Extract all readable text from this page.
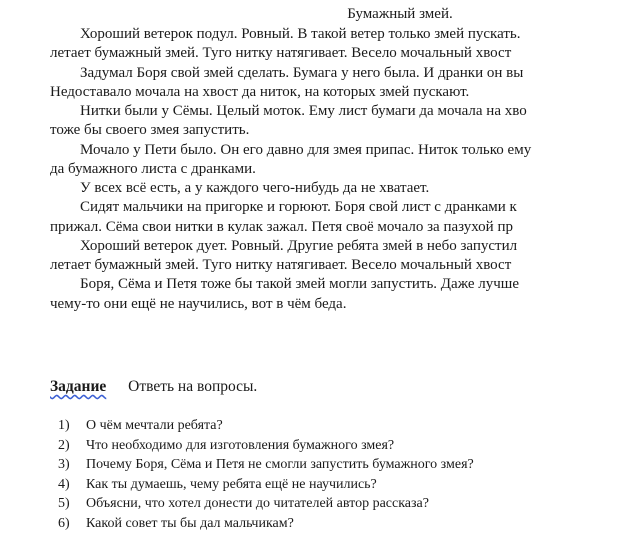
Бумажный змей.
Хороший ветерок подул. Ровный. В такой ветер только змей пускать.
летает бумажный змей. Туго нитку натягивает. Весело мочальный хвост
Задумал Боря свой змей сделать. Бумага у него была. И дранки он вы
Недоставало мочала на хвост да ниток, на которых змей пускают.
Нитки были у Сёмы. Целый моток. Ему лист бумаги да мочала на хво
тоже бы своего змея запустить.
Мочало у Пети было. Он его давно для змея припас. Ниток только ему
да бумажного листа с дранками.
У всех всё есть, а у каждого чего-нибудь да не хватает.
Сидят мальчики на пригорке и горюют. Боря свой лист с дранками к
прижал. Сёма свои нитки в кулак зажал. Петя своё мочало за пазухой пр
Хороший ветерок дует. Ровный. Другие ребята змей в небо запустил
летает бумажный змей. Туго нитку натягивает. Весело мочальный хвост
Боря, Сёма и Петя тоже бы такой змей могли запустить. Даже лучше
чему-то они ещё не научились, вот в чём беда.
Задание Ответь на вопросы.
1) О чём мечтали ребята?
2) Что необходимо для изготовления бумажного змея?
3) Почему Боря, Сёма и Петя не смогли запустить бумажного змея?
4) Как ты думаешь, чему ребята ещё не научились?
5) Объясни, что хотел донести до читателей автор рассказа?
6) Какой совет ты бы дал мальчикам?
